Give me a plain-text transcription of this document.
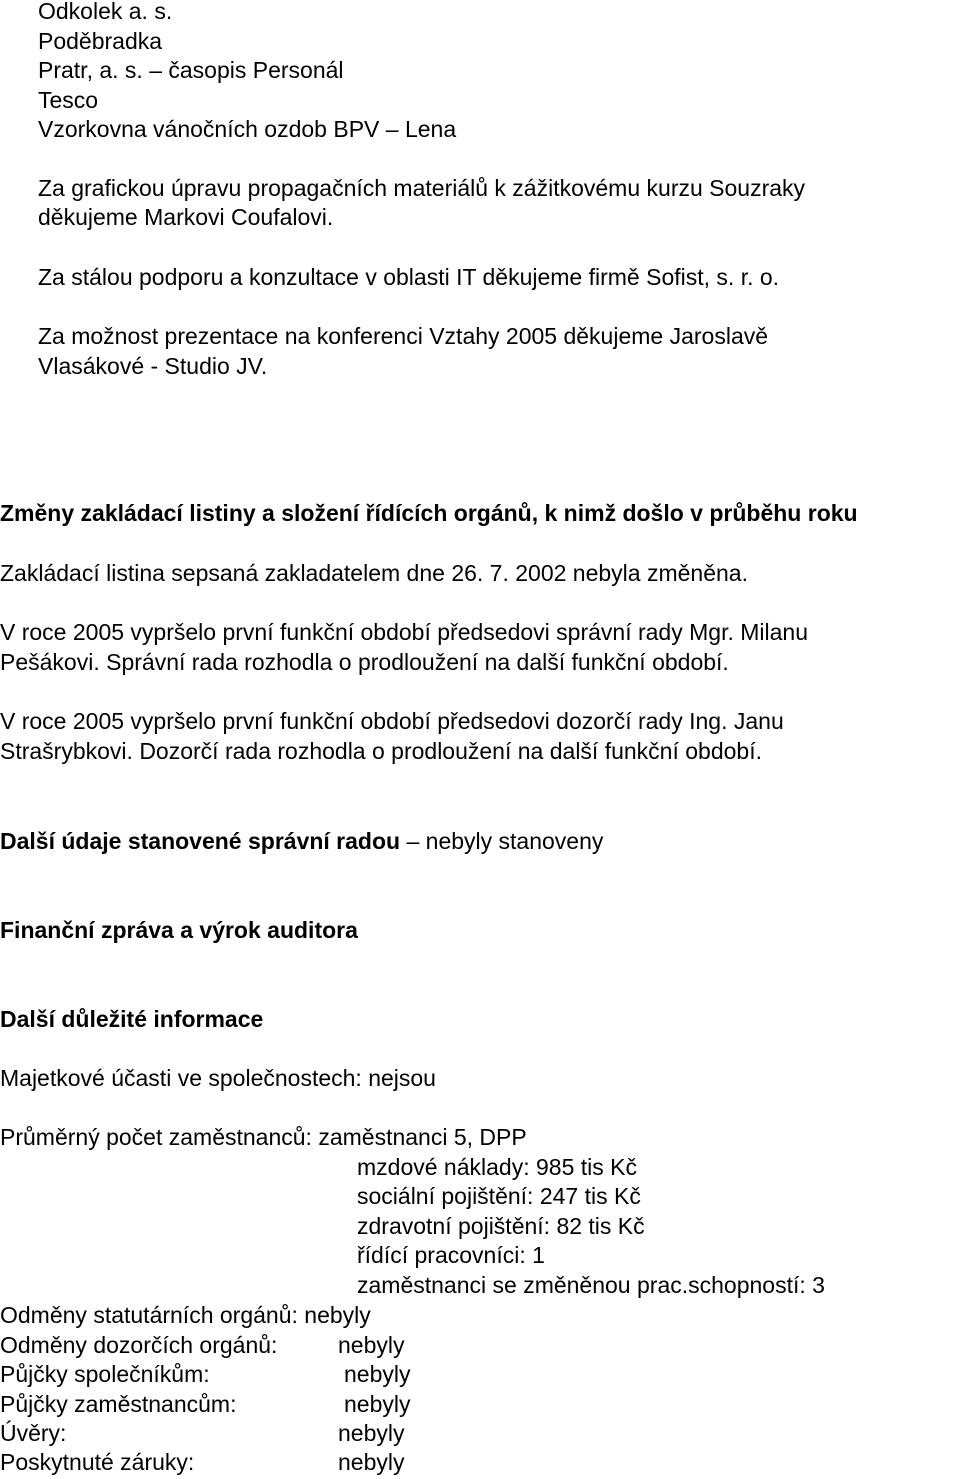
Odkolek a. s.
Poděbradka
Pratr, a. s. – časopis Personál
Tesco
Vzorkovna vánočních ozdob BPV – Lena
Za grafickou úpravu propagačních materiálů k zážitkovému kurzu Souzraky
děkujeme Markovi Coufalovi.
Za stálou podporu a konzultace v oblasti IT děkujeme firmě Sofist, s. r. o.
Za možnost prezentace na konferenci Vztahy 2005 děkujeme Jaroslavě
Vlasákové - Studio JV.
Změny zakládací listiny a složení řídících orgánů, k nimž došlo v průběhu roku
Zakládací listina sepsaná zakladatelem dne 26. 7. 2002 nebyla změněna.
V roce 2005 vypršelo první funkční období předsedovi správní rady Mgr. Milanu
Pešákovi. Správní rada rozhodla o prodloužení na další funkční období.
V roce 2005 vypršelo první funkční období předsedovi dozorčí rady Ing. Janu
Strašrybkovi. Dozorčí rada rozhodla o prodloužení na další funkční období.
Další údaje stanovené správní radou – nebyly stanoveny
Finanční zpráva a výrok auditora
Další důležité informace
Majetkové účasti ve společnostech: nejsou
Průměrný počet zaměstnanců: zaměstnanci 5, DPP
mzdové náklady: 985 tis Kč
sociální pojištění: 247 tis Kč
zdravotní pojištění: 82 tis Kč
řídící pracovníci: 1
zaměstnanci se změněnou prac.schopností: 3
Odměny statutárních orgánů: nebyly
Odměny dozorčích orgánů:	nebyly
Půjčky společníkům:	nebyly
Půjčky zaměstnancům:	nebyly
Úvěry:	nebyly
Poskytnuté záruky:	nebyly
